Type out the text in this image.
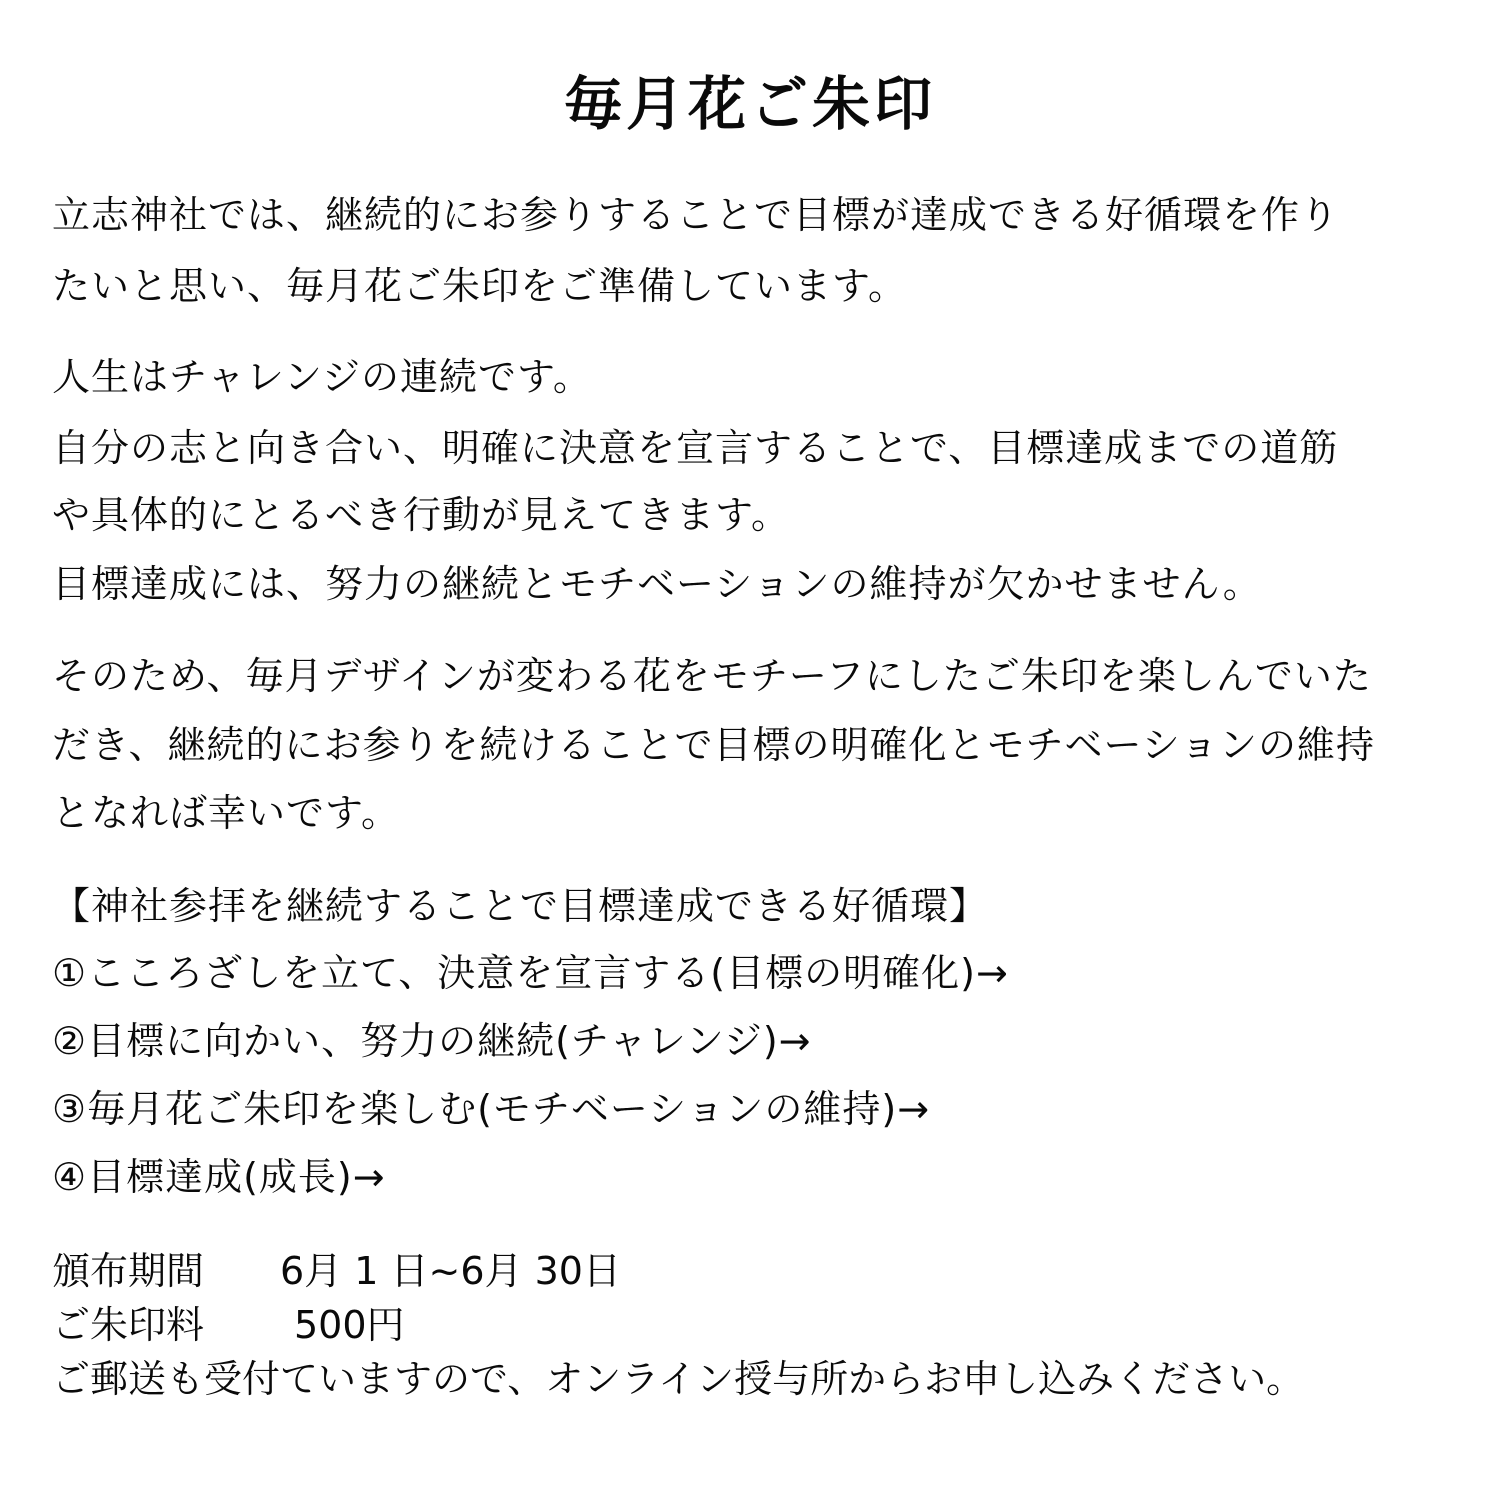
毎月花ご朱印

立志神社では、継続的にお参りすることで目標が達成できる好循環を作り

たいと思い、毎月花ご朱印をご準備しています。

人生はチャレンジの連続です。

自分の志と向き合い、明確に決意を宣言することで、目標達成までの道筋

や具体的にとるべき行動が見えてきます。

目標達成には、努力の継続とモチベーションの維持が欠かせません。

そのため、毎月デザインが変わる花をモチーフにしたご朱印を楽しんでいた

だき、継続的にお参りを続けることで目標の明確化とモチベーションの維持

となれば幸いです。

【神社参拝を継続することで目標達成できる好循環】

①こころざしを立て、決意を宣言する(目標の明確化)→

②目標に向かい、努力の継続(チャレンジ)→

③毎月花ご朱印を楽しむ(モチベーションの維持)→

④目標達成(成長)→

頒布期間 6月 1 日~6月 30日

ご朱印料 500円

ご郵送も受付ていますので、オンライン授与所からお申し込みください。
